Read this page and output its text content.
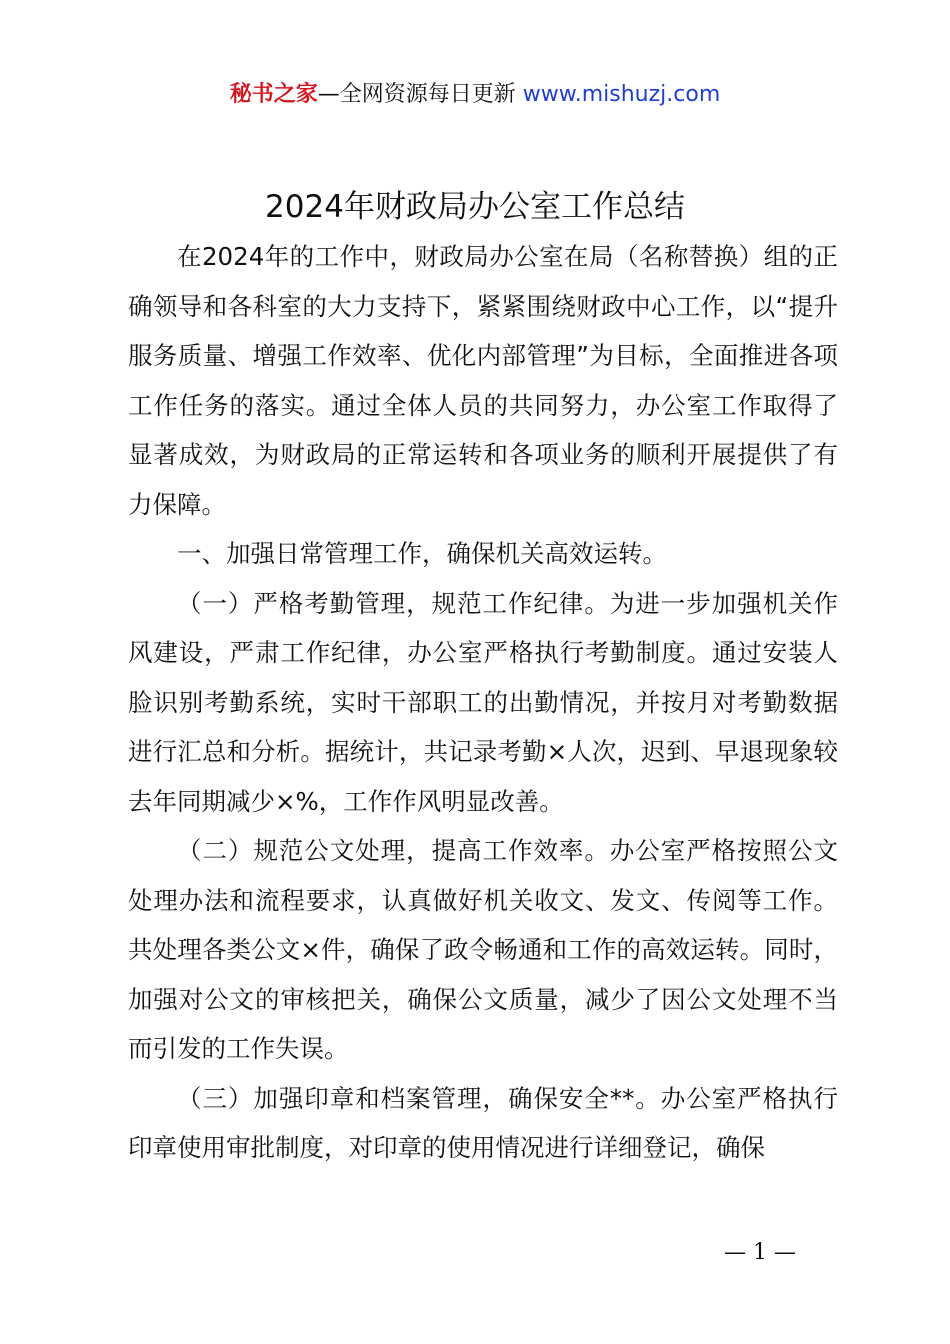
秘书之家—全网资源每日更新 www.mishuzj.com
2024年财政局办公室工作总结

在2024年的工作中，财政局办公室在局（名称替换）组的正确领导和各科室的大力支持下，紧紧围绕财政中心工作，以“提升服务质量、增强工作效率、优化内部管理”为目标，全面推进各项工作任务的落实。通过全体人员的共同努力，办公室工作取得了显著成效，为财政局的正常运转和各项业务的顺利开展提供了有力保障。

一、加强日常管理工作，确保机关高效运转。

（一）严格考勤管理，规范工作纪律。为进一步加强机关作风建设，严肃工作纪律，办公室严格执行考勤制度。通过安装人脸识别考勤系统，实时干部职工的出勤情况，并按月对考勤数据进行汇总和分析。据统计，共记录考勤×人次，迟到、早退现象较去年同期减少×%，工作作风明显改善。

（二）规范公文处理，提高工作效率。办公室严格按照公文处理办法和流程要求，认真做好机关收文、发文、传阅等工作。共处理各类公文×件，确保了政令畅通和工作的高效运转。同时，加强对公文的审核把关，确保公文质量，减少了因公文处理不当而引发的工作失误。

（三）加强印章和档案管理，确保安全**。办公室严格执行印章使用审批制度，对印章的使用情况进行详细登记，确保

— 1 —
